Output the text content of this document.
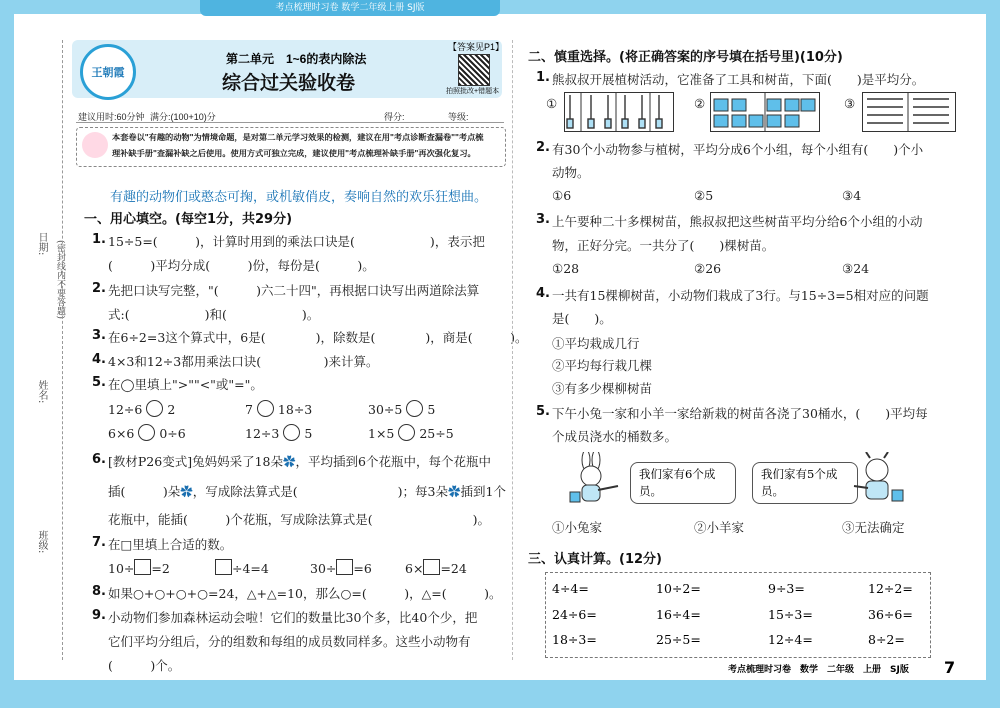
考点梳理时习卷 数学二年级上册 SJ版
日期: (密封线内不要答题)
姓名:
班级:
王朝霞
第二单元　1~6的表内除法
综合过关验收卷
【答案见P1】
拍照批改+错题本
建议用时:60分钟 满分:(100+10)分	得分:	等级:
本套卷以"有趣的动物"为情境命题，是对第二单元学习效果的检测，建议在用"考点诊断查漏卷""考点梳
理补缺手册"查漏补缺之后使用。使用方式可独立完成，建议使用"考点梳理补缺手册"再次强化复习。
有趣的动物们或憨态可掬，或机敏俏皮，奏响自然的欢乐狂想曲。
一、用心填空。(每空1分，共29分)
1. 15÷5=(　　　)，计算时用到的乘法口诀是(　　　　　　)，表示把
(　　　)平均分成(　　　)份，每份是(　　　)。
2. 先把口诀写完整，"(　　　)六二十四"，再根据口诀写出两道除法算
式:(　　　　　　)和(　　　　　　)。
3. 在6÷2=3这个算式中，6是(　　　　)，除数是(　　　　)，商是(　　　)。
4. 4×3和12÷3都用乘法口诀(　　　　　)来计算。
5. 在◯里填上">""<"或"="。
12÷6 2	7 18÷3	30÷5 5
6×6 0÷6	12÷3 5	1×5 25÷5
6. [教材P26变式]兔妈妈采了18朵✿，平均插到6个花瓶中，每个花瓶中
插(　　　)朵✿，写成除法算式是(　　　　　　　　)；每3朵✿插到1个
花瓶中，能插(　　　)个花瓶，写成除法算式是(　　　　　　　　)。
7. 在□里填上合适的数。
10÷ =2	÷4=4	30÷ =6	6× =24
8. 如果○+○+○+○=24，△+△=10，那么○=(　　　)，△=(　　　)。
9. 小动物们参加森林运动会啦！它们的数量比30个多，比40个少，把
它们平均分组后，分的组数和每组的成员数同样多。这些小动物有
(　　　)个。
二、慎重选择。(将正确答案的序号填在括号里)(10分)
1. 熊叔叔开展植树活动，它准备了工具和树苗，下面(　　)是平均分。
①	②	③
2. 有30个小动物参与植树，平均分成6个小组，每个小组有(　　)个小
动物。
①6	②5	③4
3. 上午要种二十多棵树苗，熊叔叔把这些树苗平均分给6个小组的小动
物，正好分完。一共分了(　　)棵树苗。
①28	②26	③24
4. 一共有15棵柳树苗，小动物们栽成了3行。与15÷3=5相对应的问题
是(　　)。
①平均栽成几行
②平均每行栽几棵
③有多少棵柳树苗
5. 下午小兔一家和小羊一家给新栽的树苗各浇了30桶水，(　　)平均每
个成员浇水的桶数多。
我们家有6个成员。
我们家有5个成员。
①小兔家	②小羊家	③无法确定
三、认真计算。(12分)
4÷4=	10÷2=	9÷3=	12÷2=
24÷6=	16÷4=	15÷3=	36÷6=
18÷3=	25÷5=	12÷4=	8÷2=
考点梳理时习卷　数学　二年级　上册　SJ版 7
